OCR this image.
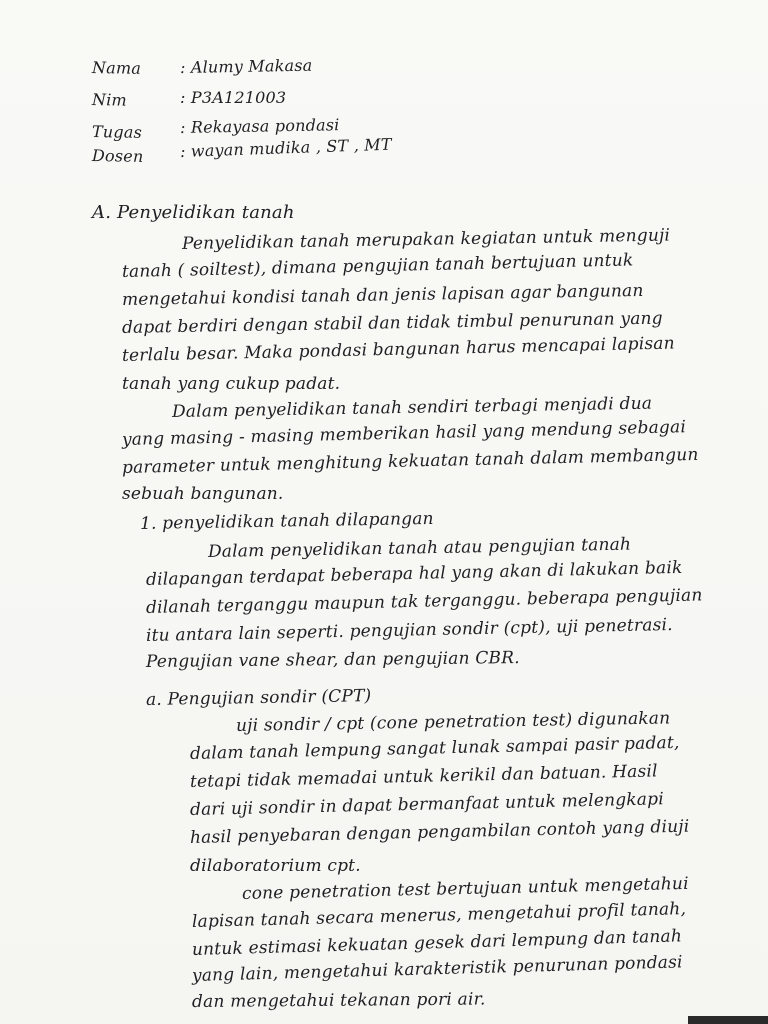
Nama : Alumy Makasa
Nim	: P3A121003
Tugas : Rekayasa pondasi
Dosen : wayan mudika , ST , MT
A. Penyelidikan tanah
Penyelidikan tanah merupakan kegiatan untuk menguji
tanah ( soiltest), dimana pengujian tanah bertujuan untuk
mengetahui kondisi tanah dan jenis lapisan agar bangunan
dapat berdiri dengan stabil dan tidak timbul penurunan yang
terlalu besar. Maka pondasi bangunan harus mencapai lapisan
tanah yang cukup padat.
Dalam penyelidikan tanah sendiri terbagi menjadi dua
yang masing - masing memberikan hasil yang mendung sebagai
parameter untuk menghitung kekuatan tanah dalam membangun
sebuah bangunan.
1. penyelidikan tanah dilapangan
Dalam penyelidikan tanah atau pengujian tanah
dilapangan terdapat beberapa hal yang akan di lakukan baik
dilanah terganggu maupun tak terganggu. beberapa pengujian
itu antara lain seperti. pengujian sondir (cpt), uji penetrasi.
Pengujian vane shear, dan pengujian CBR.
a. Pengujian sondir (CPT)
uji sondir / cpt (cone penetration test) digunakan
dalam tanah lempung sangat lunak sampai pasir padat,
tetapi tidak memadai untuk kerikil dan batuan. Hasil
dari uji sondir in dapat bermanfaat untuk melengkapi
hasil penyebaran dengan pengambilan contoh yang diuji
dilaboratorium cpt.
cone penetration test bertujuan untuk mengetahui
lapisan tanah secara menerus, mengetahui profil tanah,
untuk estimasi kekuatan gesek dari lempung dan tanah
yang lain, mengetahui karakteristik penurunan pondasi
dan mengetahui tekanan pori air.
